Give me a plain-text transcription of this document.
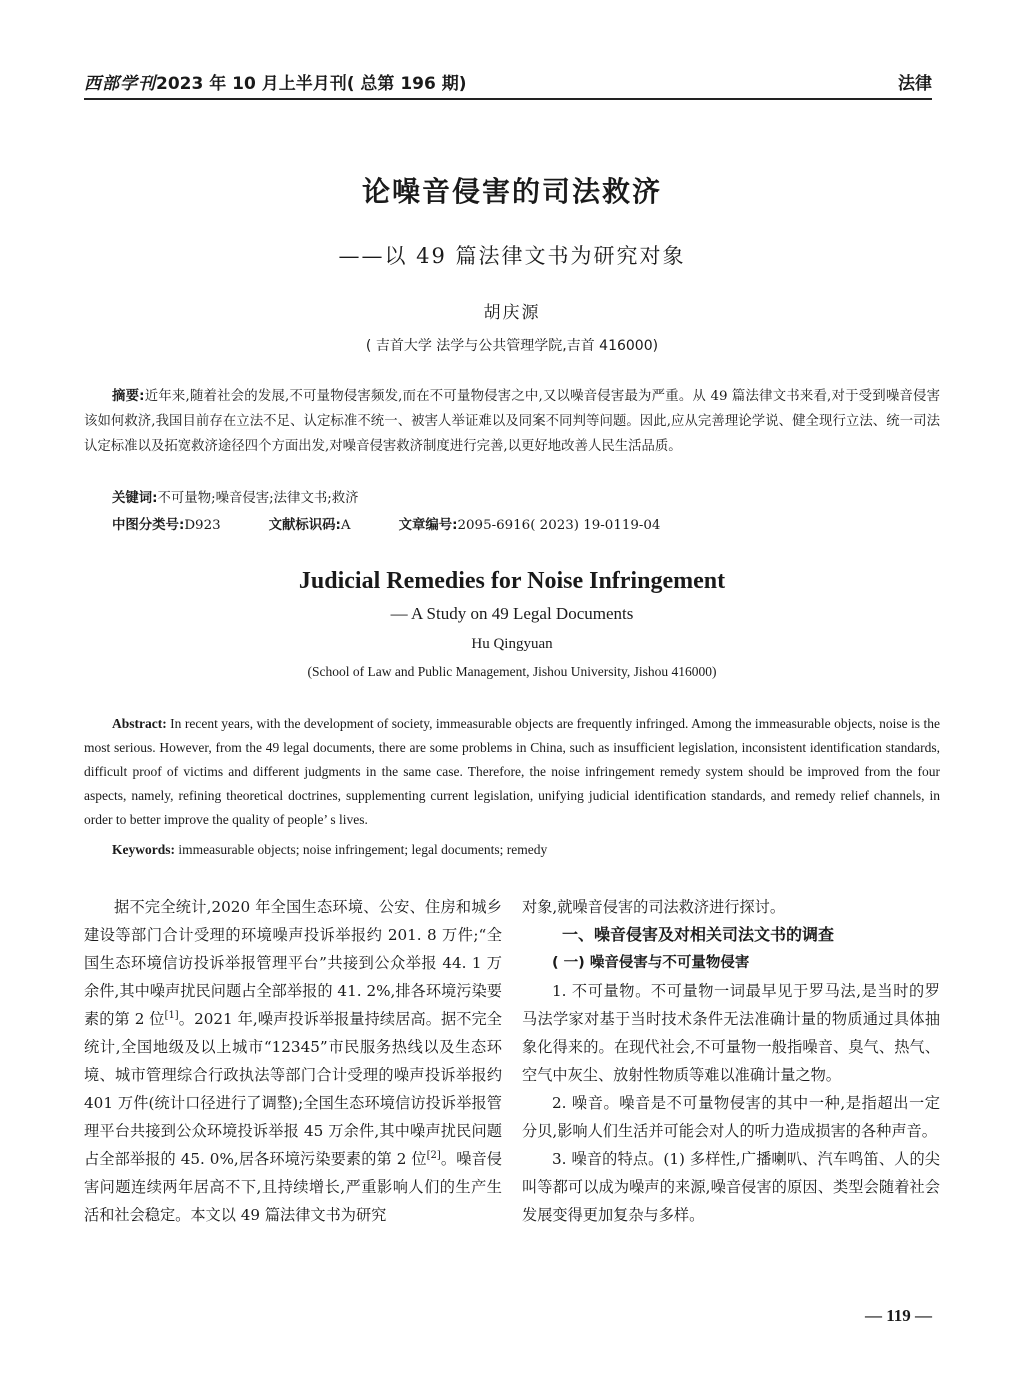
西部学刊2023 年 10 月上半月刊( 总第 196 期)	法律
论噪音侵害的司法救济
——以 49 篇法律文书为研究对象
胡庆源
( 吉首大学 法学与公共管理学院,吉首 416000)
摘要:近年来,随着社会的发展,不可量物侵害频发,而在不可量物侵害之中,又以噪音侵害最为严重。从 49 篇法律文书来看,对于受到噪音侵害该如何救济,我国目前存在立法不足、认定标准不统一、被害人举证难以及同案不同判等问题。因此,应从完善理论学说、健全现行立法、统一司法认定标准以及拓宽救济途径四个方面出发,对噪音侵害救济制度进行完善,以更好地改善人民生活品质。
关键词:不可量物;噪音侵害;法律文书;救济
中图分类号:D923	文献标识码:A	文章编号:2095-6916( 2023) 19-0119-04
Judicial Remedies for Noise Infringement
— A Study on 49 Legal Documents
Hu Qingyuan
(School of Law and Public Management, Jishou University, Jishou 416000)
Abstract: In recent years, with the development of society, immeasurable objects are frequently infringed. Among the immeasurable objects, noise is the most serious. However, from the 49 legal documents, there are some problems in China, such as insufficient legislation, inconsistent identification standards, difficult proof of victims and different judgments in the same case. Therefore, the noise infringement remedy system should be improved from the four aspects, namely, refining theoretical doctrines, supplementing current legislation, unifying judicial identification standards, and remedy relief channels, in order to better improve the quality of people’ s lives.
Keywords: immeasurable objects; noise infringement; legal documents; remedy

据不完全统计,2020 年全国生态环境、公安、住房和城乡建设等部门合计受理的环境噪声投诉举报约 201. 8 万件;“全国生态环境信访投诉举报管理平台”共接到公众举报 44. 1 万余件,其中噪声扰民问题占全部举报的 41. 2%,排各环境污染要素的第 2 位[1]。2021 年,噪声投诉举报量持续居高。据不完全统计,全国地级及以上城市“12345”市民服务热线以及生态环境、城市管理综合行政执法等部门合计受理的噪声投诉举报约 401 万件(统计口径进行了调整);全国生态环境信访投诉举报管理平台共接到公众环境投诉举报 45 万余件,其中噪声扰民问题占全部举报的 45. 0%,居各环境污染要素的第 2 位[2]。噪音侵害问题连续两年居高不下,且持续增长,严重影响人们的生产生活和社会稳定。本文以 49 篇法律文书为研究

对象,就噪音侵害的司法救济进行探讨。

一、噪音侵害及对相关司法文书的调查

( 一) 噪音侵害与不可量物侵害

1. 不可量物。不可量物一词最早见于罗马法,是当时的罗马法学家对基于当时技术条件无法准确计量的物质通过具体抽象化得来的。在现代社会,不可量物一般指噪音、臭气、热气、空气中灰尘、放射性物质等难以准确计量之物。

2. 噪音。噪音是不可量物侵害的其中一种,是指超出一定分贝,影响人们生活并可能会对人的听力造成损害的各种声音。

3. 噪音的特点。(1) 多样性,广播喇叭、汽车鸣笛、人的尖叫等都可以成为噪声的来源,噪音侵害的原因、类型会随着社会发展变得更加复杂与多样。

— 119 —
